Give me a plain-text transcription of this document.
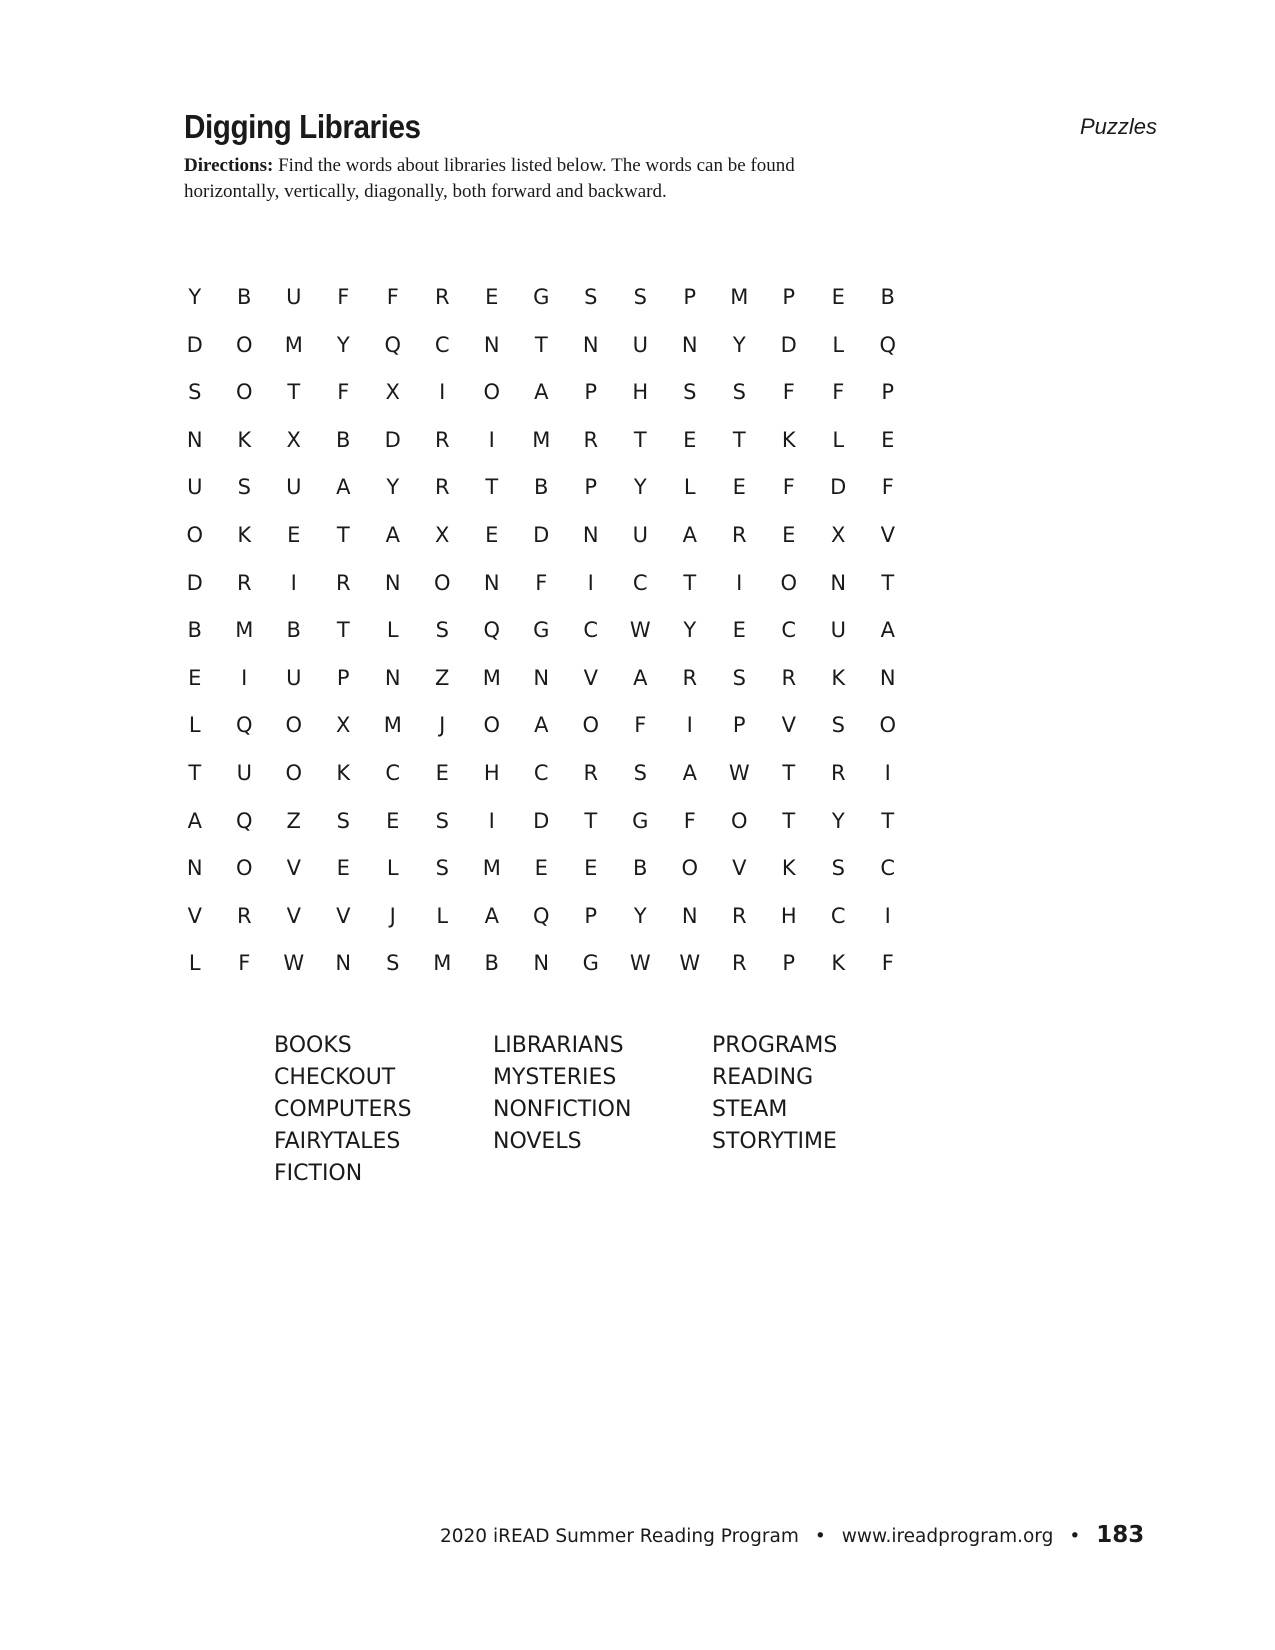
Digging Libraries	Puzzles

Directions: Find the words about libraries listed below. The words can be found horizontally, vertically, diagonally, both forward and backward.

Y	B	U	F	F	R	E	G	S	S	P	M	P	E	B
D	O	M	Y	Q	C	N	T	N	U	N	Y	D	L	Q
S	O	T	F	X	I	O	A	P	H	S	S	F	F	P
N	K	X	B	D	R	I	M	R	T	E	T	K	L	E
U	S	U	A	Y	R	T	B	P	Y	L	E	F	D	F
O	K	E	T	A	X	E	D	N	U	A	R	E	X	V
D	R	I	R	N	O	N	F	I	C	T	I	O	N	T
B	M	B	T	L	S	Q	G	C	W	Y	E	C	U	A
E	I	U	P	N	Z	M	N	V	A	R	S	R	K	N
L	Q	O	X	M	J	O	A	O	F	I	P	V	S	O
T	U	O	K	C	E	H	C	R	S	A	W	T	R	I
A	Q	Z	S	E	S	I	D	T	G	F	O	T	Y	T
N	O	V	E	L	S	M	E	E	B	O	V	K	S	C
V	R	V	V	J	L	A	Q	P	Y	N	R	H	C	I
L	F	W	N	S	M	B	N	G	W	W	R	P	K	F
BOOKS
CHECKOUT
COMPUTERS
FAIRYTALES
FICTION
LIBRARIANS
MYSTERIES
NONFICTION
NOVELS
PROGRAMS
READING
STEAM
STORYTIME
2020 iREAD Summer Reading Program • www.ireadprogram.org • 183
